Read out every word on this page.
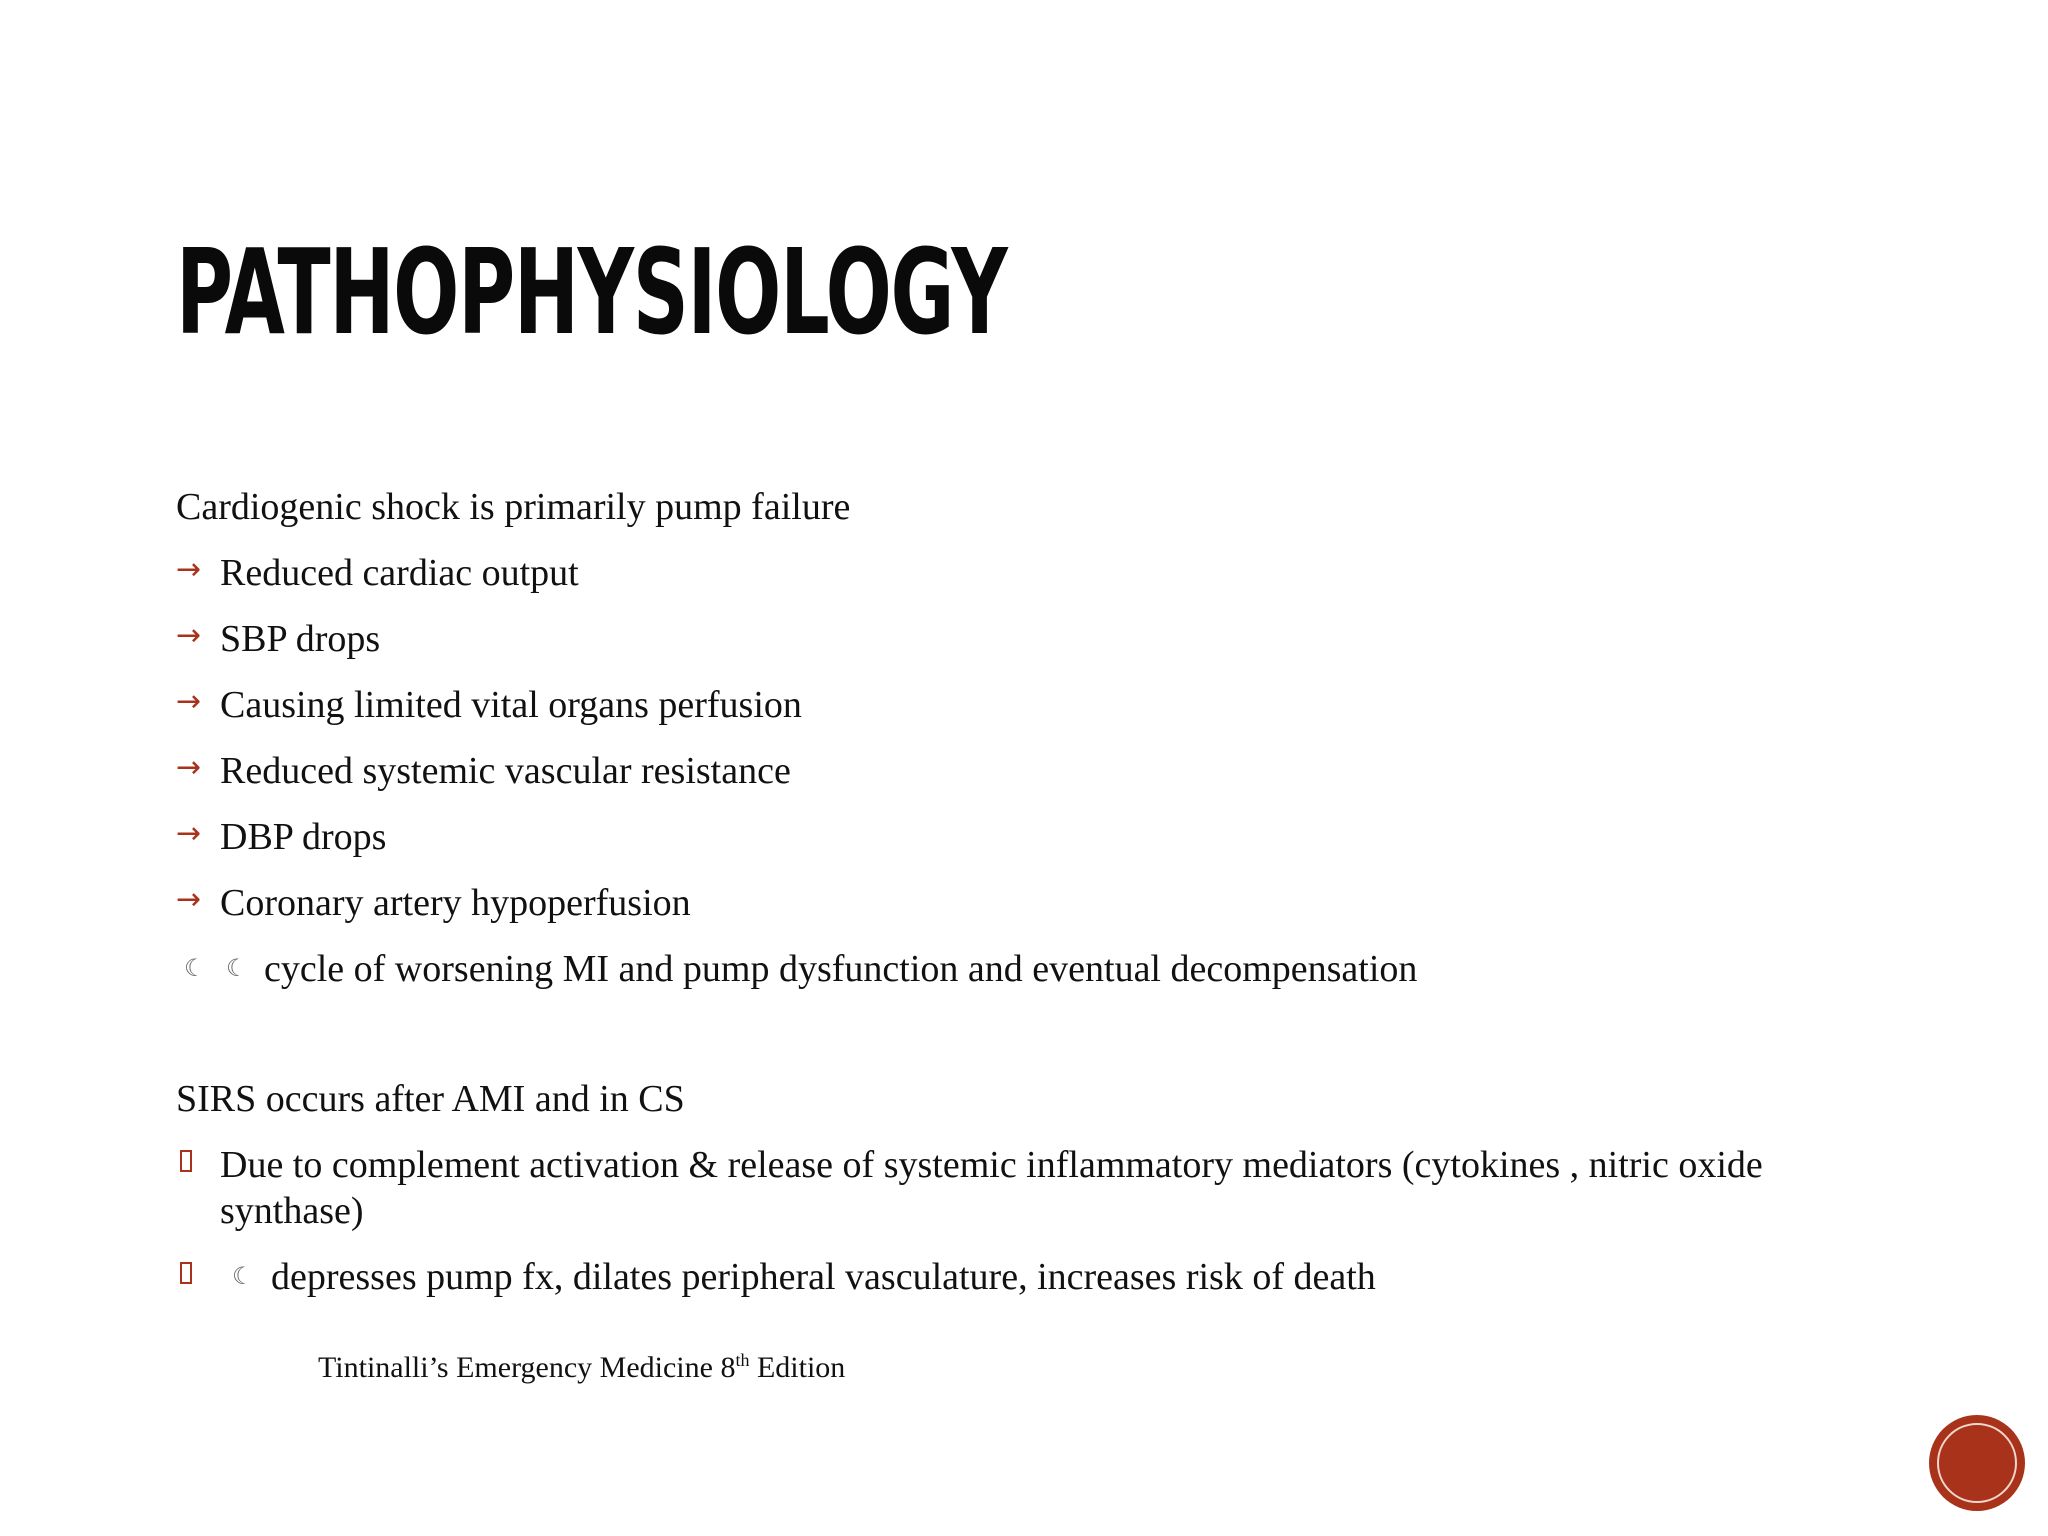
PATHOPHYSIOLOGY

Cardiogenic shock is primarily pump failure

→ Reduced cardiac output
→ SBP drops
→ Causing limited vital organs perfusion
→ Reduced systemic vascular resistance
→ DBP drops
→ Coronary artery hypoperfusion
☾ ☾ cycle of worsening MI and pump dysfunction and eventual decompensation

SIRS occurs after AMI and in CS

Due to complement activation & release of systemic inflammatory mediators (cytokines , nitric oxide synthase)
☾ depresses pump fx, dilates peripheral vasculature, increases risk of death
Tintinalli’s Emergency Medicine 8th Edition
